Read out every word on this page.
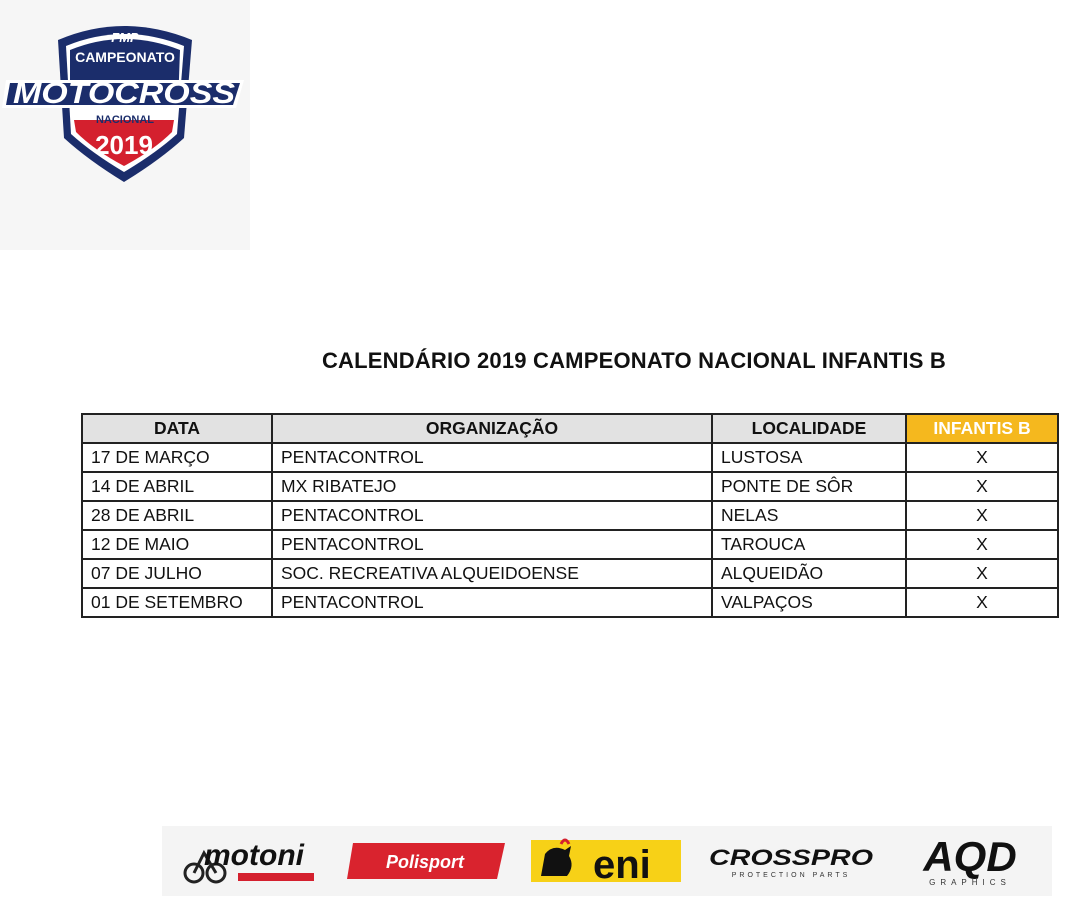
FMP
CAMPEONATO
MOTOCROSS
NACIONAL
2019
CALENDÁRIO 2019 CAMPEONATO NACIONAL INFANTIS B
DATA	ORGANIZAÇÃO	LOCALIDADE	INFANTIS B
17 DE MARÇO	PENTACONTROL	LUSTOSA	X
14 DE ABRIL	MX RIBATEJO	PONTE DE SÔR	X
28 DE ABRIL	PENTACONTROL	NELAS	X
12 DE MAIO	PENTACONTROL	TAROUCA	X
07 DE JULHO	SOC. RECREATIVA ALQUEIDOENSE	ALQUEIDÃO	X
01 DE SETEMBRO	PENTACONTROL	VALPAÇOS	X
motoni	Polisport	eni	CROSSPRO
PROTECTION PARTS AQD
GRAPHICS
